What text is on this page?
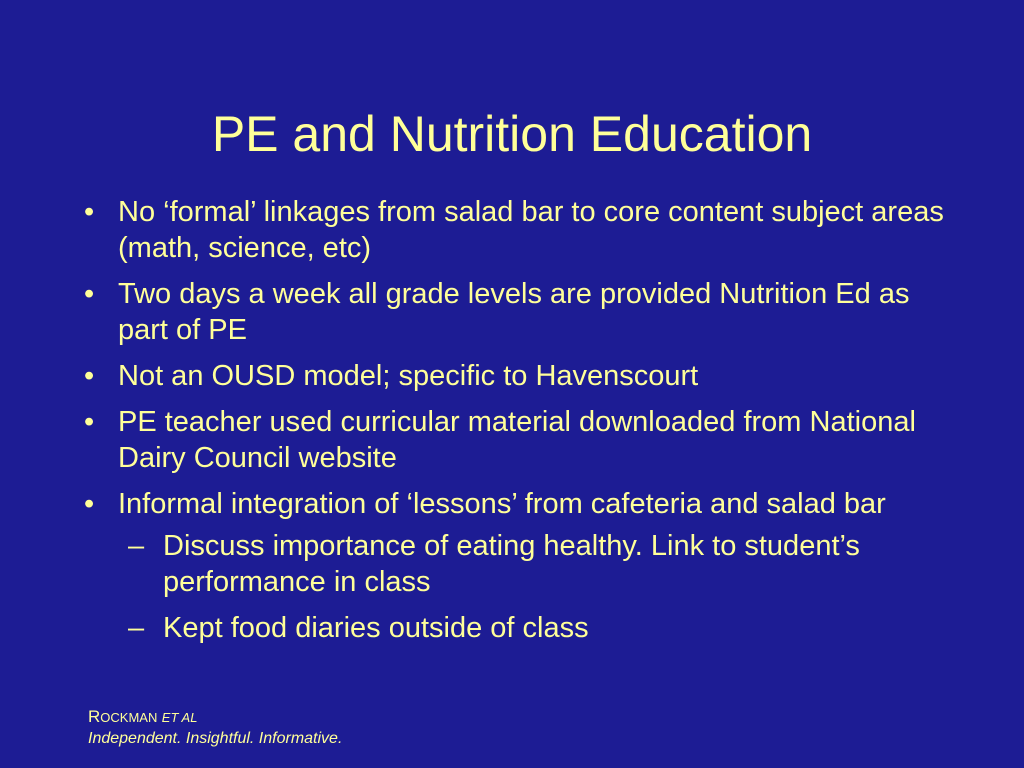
PE and Nutrition Education
• No ‘formal’ linkages from salad bar to core content subject areas (math, science, etc)
• Two days a week all grade levels are provided Nutrition Ed as part of PE
• Not an OUSD model; specific to Havenscourt
• PE teacher used curricular material downloaded from National Dairy Council website
• Informal integration of ‘lessons’ from cafeteria and salad bar
– Discuss importance of eating healthy. Link to student’s performance in class
– Kept food diaries outside of class
ROCKMAN ET AL
Independent. Insightful. Informative.
